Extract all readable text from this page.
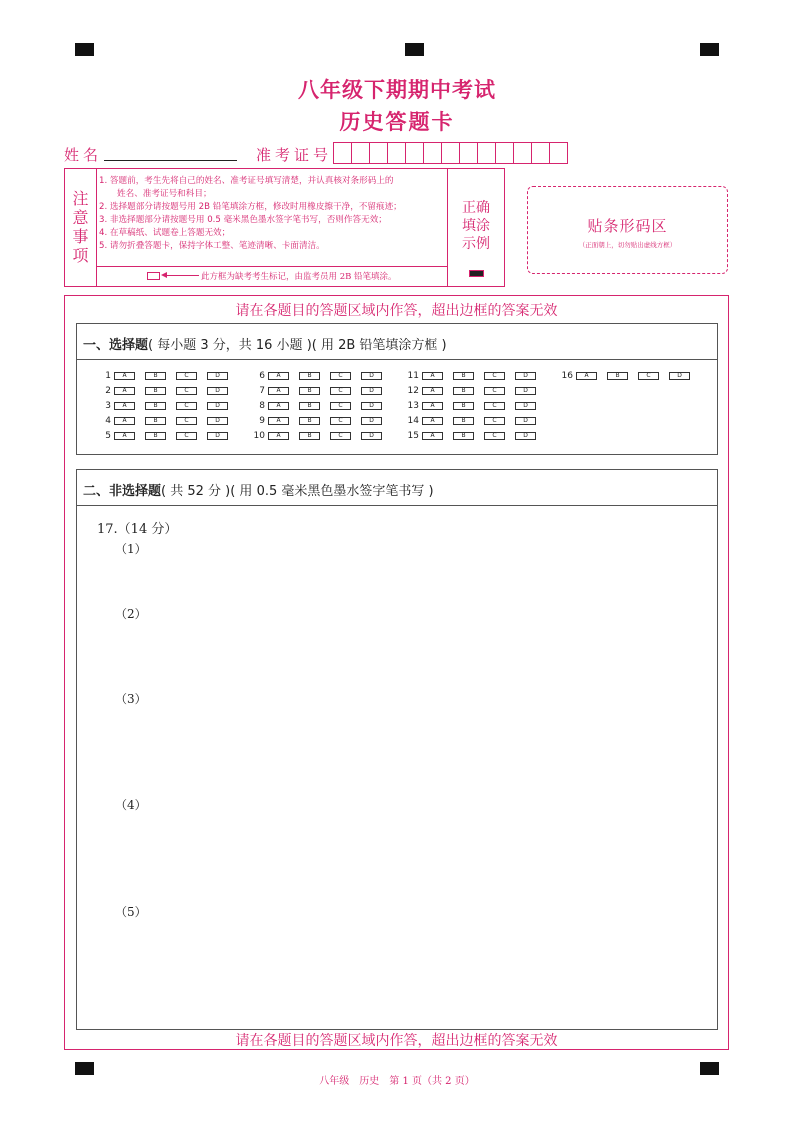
八年级下期期中考试
历史答题卡
姓名	准考证号
注
意
事
项
1. 答题前，考生先将自己的姓名、准考证号填写清楚，并认真核对条形码上的
姓名、准考证号和科目；
2. 选择题部分请按题号用 2B 铅笔填涂方框，修改时用橡皮擦干净，不留痕迹；
3. 非选择题部分请按题号用 0.5 毫米黑色墨水签字笔书写，否则作答无效；
4. 在草稿纸、试题卷上答题无效；
5. 请勿折叠答题卡，保持字体工整、笔迹清晰、卡面清洁。
此方框为缺考考生标记，由监考员用 2B 铅笔填涂。
正确
填涂
示例
贴条形码区
（正面朝上，切勿贴出虚线方框）
请在各题目的答题区域内作答，超出边框的答案无效
一、选择题( 每小题 3 分，共 16 小题 )( 用 2B 铅笔填涂方框 )
1	A	B	C	D
2	A	B	C	D
3	A	B	C	D
4	A	B	C	D
5	A	B	C	D
6	A	B	C	D
7	A	B	C	D
8	A	B	C	D
9	A	B	C	D
10	A	B	C	D
11	A	B	C	D
12	A	B	C	D
13	A	B	C	D
14	A	B	C	D
15	A	B	C	D
16	A	B	C	D
二、非选择题( 共 52 分 )( 用 0.5 毫米黑色墨水签字笔书写 )
17.（14 分）
（1）
（2）
（3）
（4）
（5）
请在各题目的答题区域内作答，超出边框的答案无效
八年级　历史　第 1 页（共 2 页）
